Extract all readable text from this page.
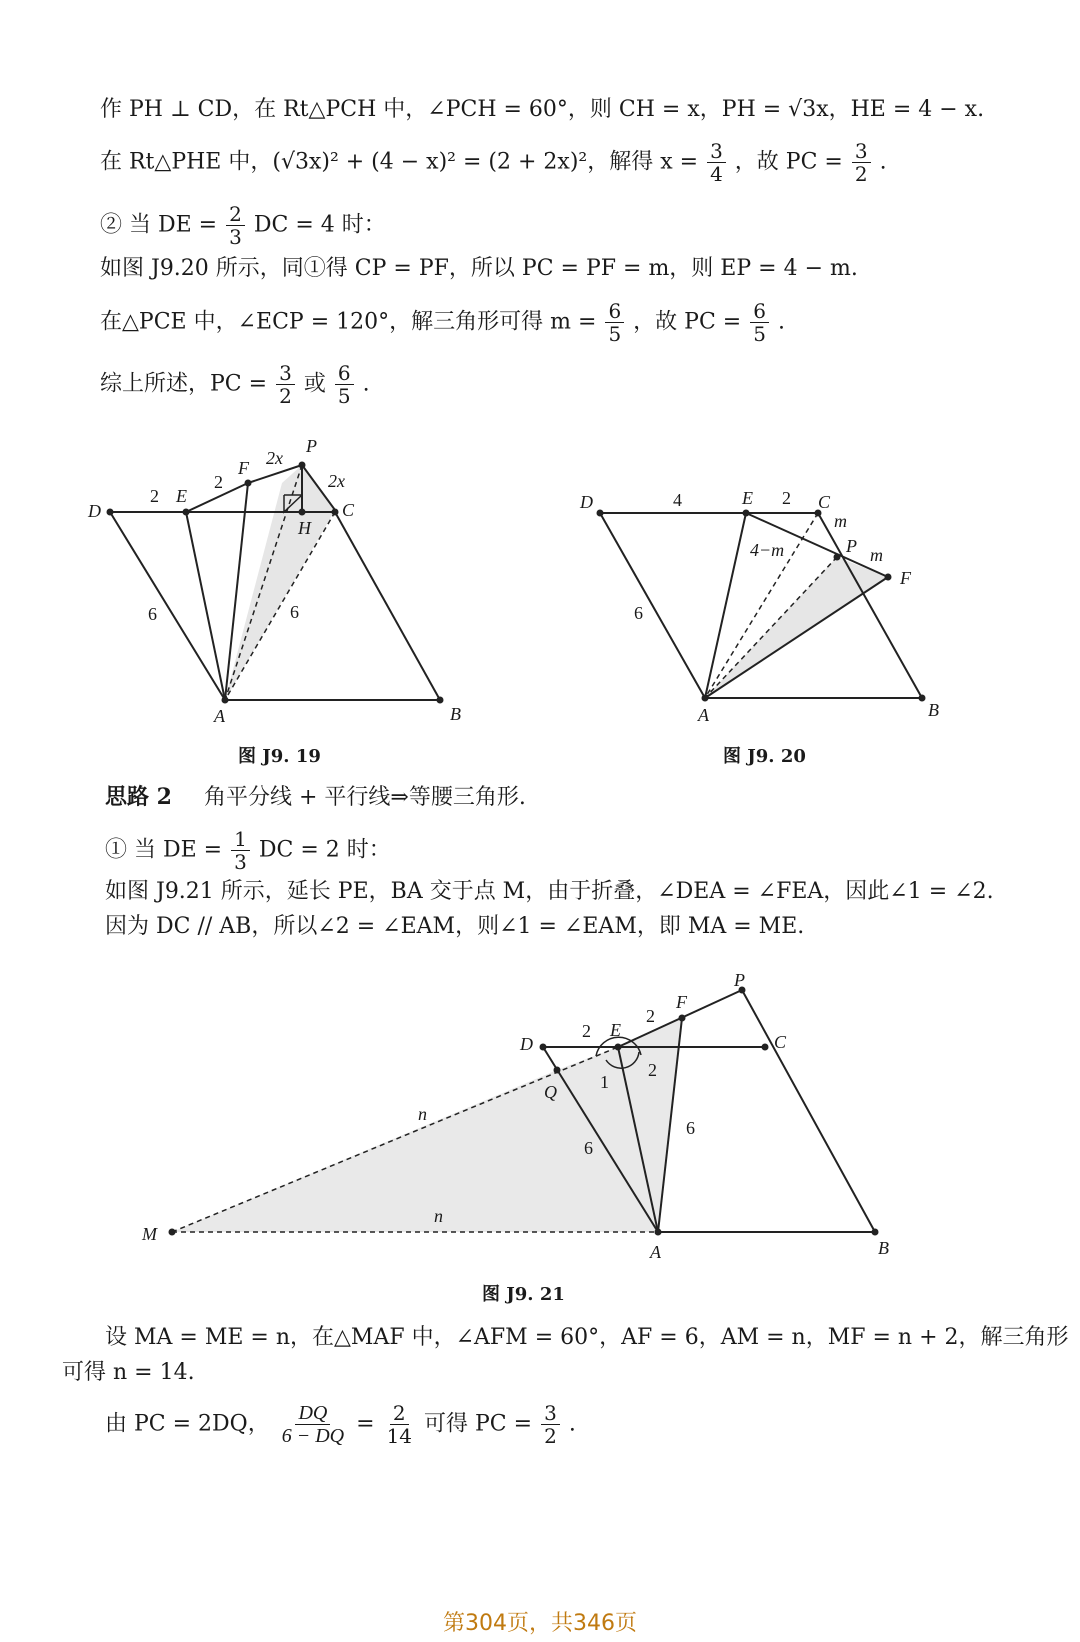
作 PH ⊥ CD，在 Rt△PCH 中，∠PCH = 60°，则 CH = x，PH = √3x，HE = 4 − x.
在 Rt△PHE 中，(√3x)² + (4 − x)² = (2 + 2x)²，解得 $x = \frac{3}{4}$ ，故 PC = $\frac{3}{2}$ .
② 当 DE = $\frac{2}{3}$ DC = 4 时：
如图 J9.20 所示，同①得 CP = PF，所以 PC = PF = m，则 EP = 4 − m.
在△PCE 中，∠ECP = 120°，解三角形可得 $m = \frac{6}{5}$ ，故 PC = $\frac{6}{5}$ .
综上所述，PC = $\frac{3}{2}$ 或 $\frac{6}{5}$ .
D
E
F
P
C
H
A	B
2
2
2x
2x
6	6
图 J9. 19
D	E	C
P
F
A	B
4	2
m
m
4−m
6
图 J9. 20
思路 2 角平分线 + 平行线⇒等腰三角形.
① 当 DE = $\frac{1}{3}$ DC = 2 时：
如图 J9.21 所示，延长 PE，BA 交于点 M，由于折叠，∠DEA = ∠FEA，因此∠1 = ∠2.
因为 DC // AB，所以∠2 = ∠EAM，则∠1 = ∠EAM，即 MA = ME.
M
D
Q
E
F
P
C
A	B
2
2
n
n
6
6
1
2
图 J9. 21
设 MA = ME = n，在△MAF 中，∠AFM = 60°，AF = 6，AM = n，MF = n + 2，解三角形
可得 n = 14.
由 PC = 2DQ， $\frac{DQ}{6 - DQ} = \frac{2}{14}$ 可得 PC = $\frac{3}{2}$ .
第304页，共346页
